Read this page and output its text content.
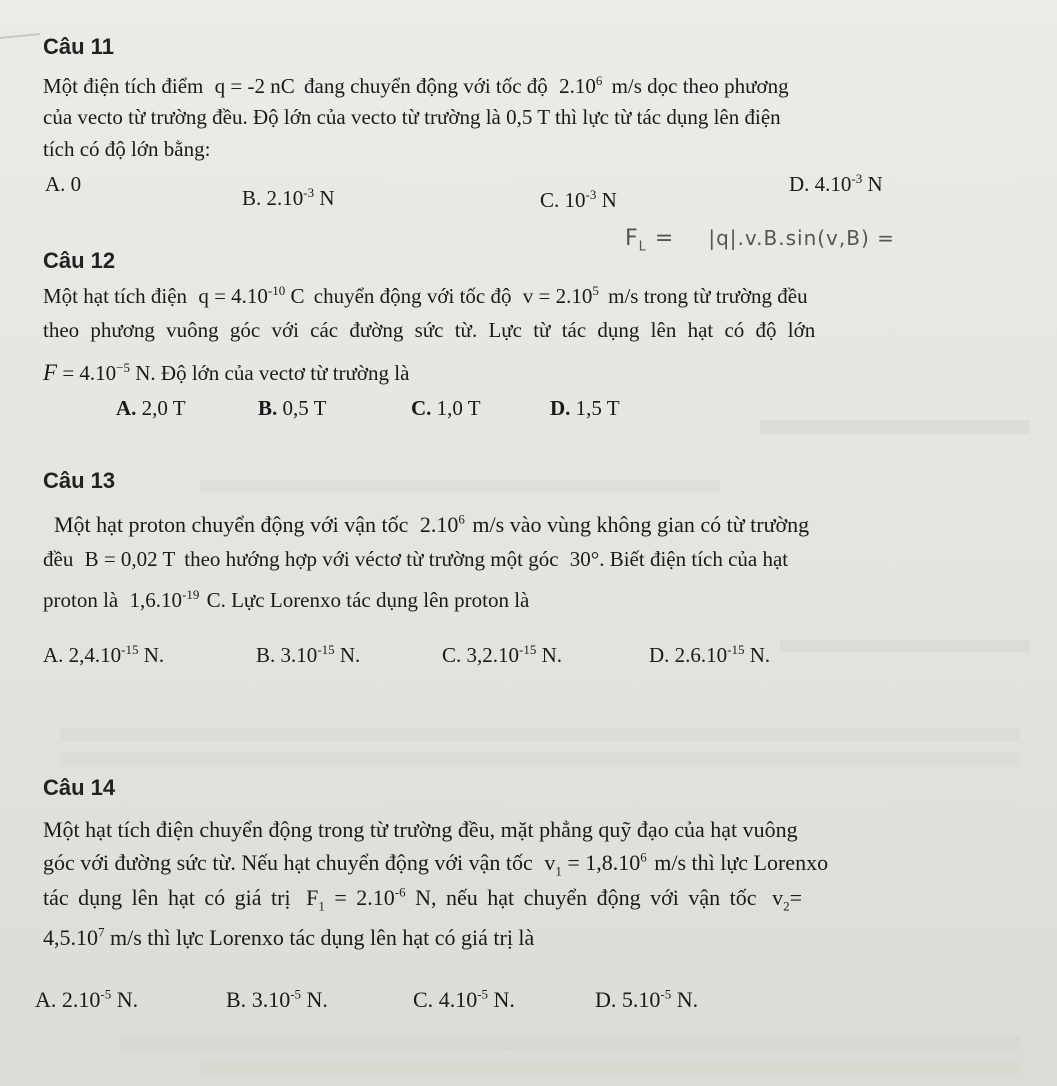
Câu 11
Một điện tích điểm q = -2 nC đang chuyển động với tốc độ 2.10$^6$ m/s dọc theo phương
của vecto từ trường đều. Độ lớn của vecto từ trường là 0,5 T thì lực từ tác dụng lên điện
tích có độ lớn bằng:
A. 0
B. $2.10^{-3}$ N	C. $10^{-3}$ N
D. $4.10^{-3}$ N
Câu 12
$F_L = |q|.v.B.\sin(v,B)$ =
Một hạt tích điện $q = 4.10^{-10}$ C chuyển động với tốc độ $v = 2.10^5$ m/s trong từ trường đều
theo phương vuông góc với các đường sức từ. Lực từ tác dụng lên hạt có độ lớn
$F = 4.10^{-5}$ N. Độ lớn của vectơ từ trường là
A. 2,0 T	B. 0,5 T	C. 1,0 T	D. 1,5 T
Câu 13
Một hạt proton chuyển động với vận tốc 2.10$^6$ m/s vào vùng không gian có từ trường
đều B = 0,02 T theo hướng hợp với véctơ từ trường một góc 30°. Biết điện tích của hạt
proton là $1,6.10^{-19}$ C. Lực Lorenxo tác dụng lên proton là
A. $2,4.10^{-15}$ N.	B. $3.10^{-15}$ N.	C. $3,2.10^{-15}$ N.	D. $2.6.10^{-15}$ N.
Câu 14
Một hạt tích điện chuyển động trong từ trường đều, mặt phẳng quỹ đạo của hạt vuông
góc với đường sức từ. Nếu hạt chuyển động với vận tốc $v_1 = 1,8.10^6$ m/s thì lực Lorenxo
tác dụng lên hạt có giá trị $F_1 = 2.10^{-6}$ N, nếu hạt chuyển động với vận tốc $v_2=$
$4,5.10^7$ m/s thì lực Lorenxo tác dụng lên hạt có giá trị là
A. $2.10^{-5}$ N.	B. $3.10^{-5}$ N.	C. $4.10^{-5}$ N.	D. $5.10^{-5}$ N.
